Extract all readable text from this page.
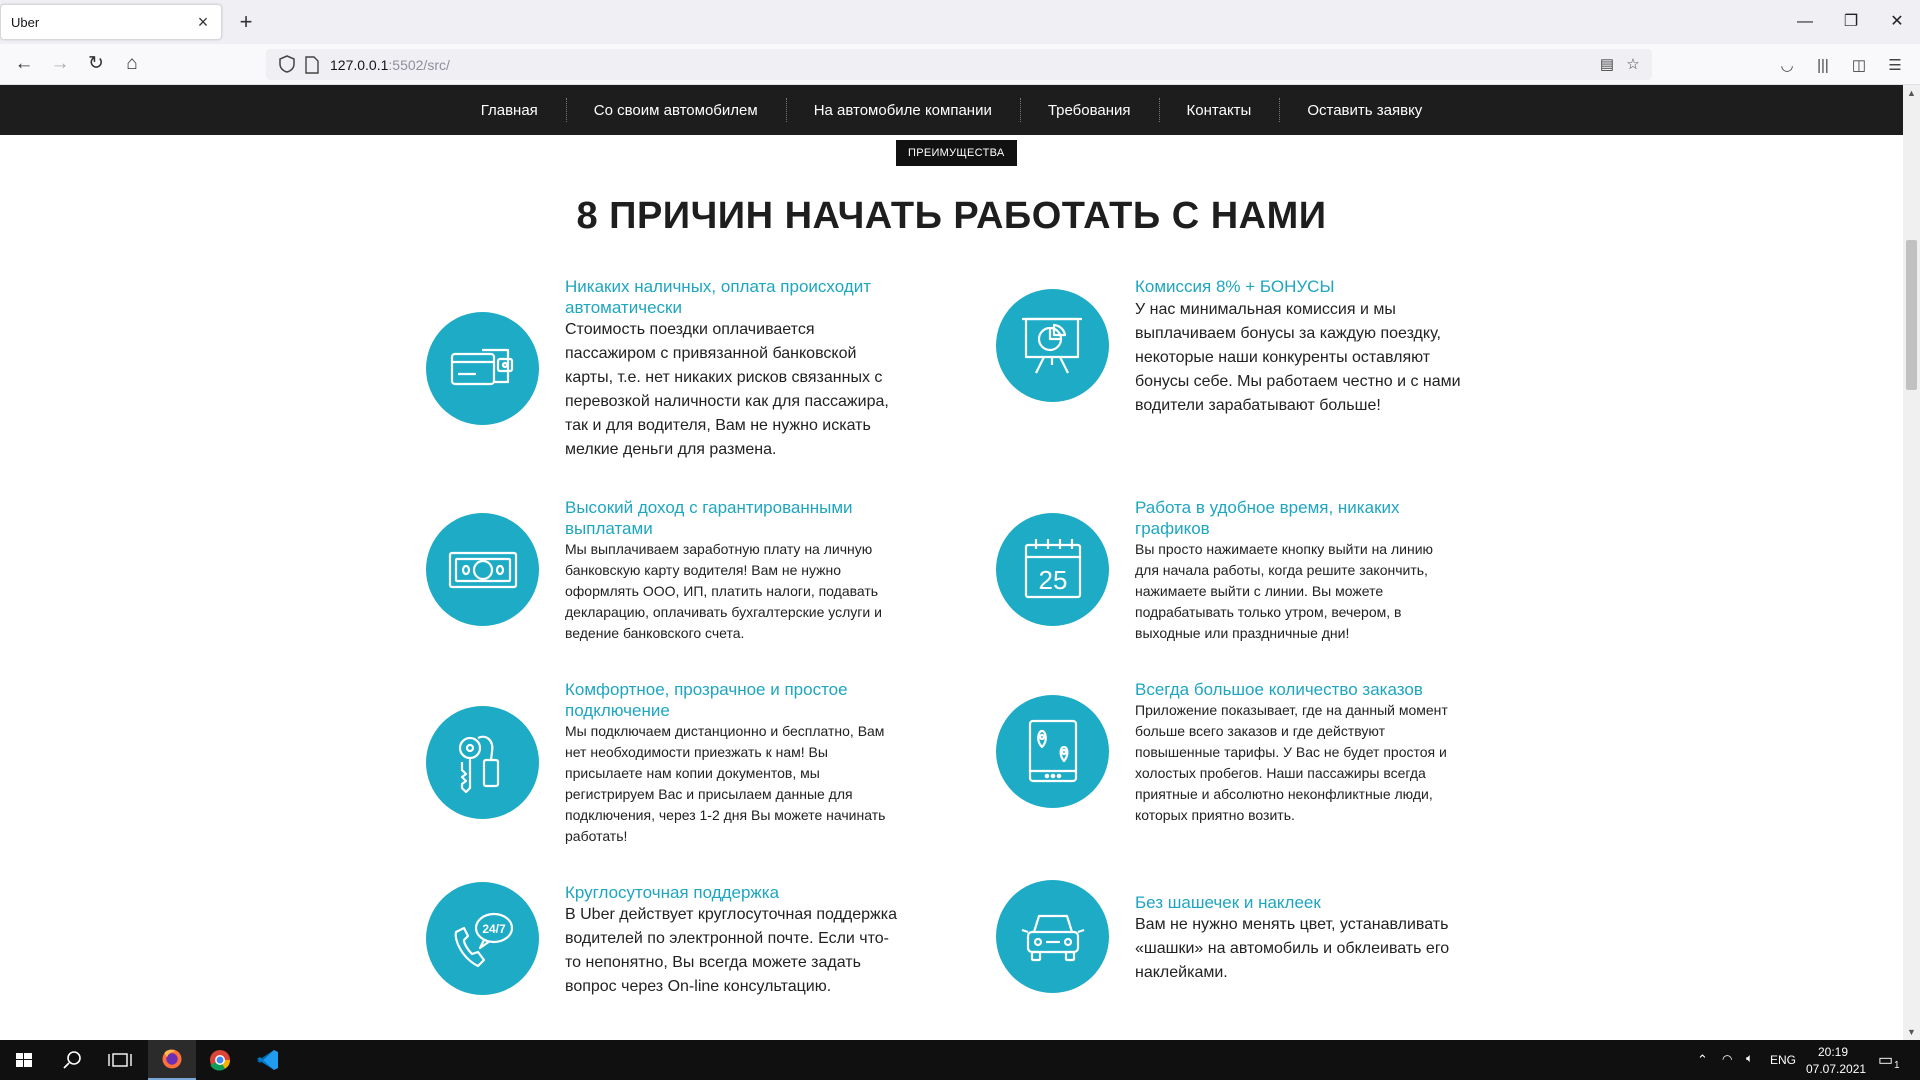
Uber	× +	—	❐	✕
← → ↻	⌂	127.0.0.1:5502/src/	▤ ☆	◡	|||	◫ ☰
Главная	Со своим автомобилем	На автомобиле компании	Требования	Контакты	Оставить заявку
ПРЕИМУЩЕСТВА
8 ПРИЧИН НАЧАТЬ РАБОТАТЬ С НАМИ
Никаких наличных, оплата происходит
автоматически
Стоимость поездки оплачивается
пассажиром с привязанной банковской
карты, т.е. нет никаких рисков связанных с
перевозкой наличности как для пассажира,
так и для водителя, Вам не нужно искать
мелкие деньги для размена.
Комиссия 8% + БОНУСЫ
У нас минимальная комиссия и мы
выплачиваем бонусы за каждую поездку,
некоторые наши конкуренты оставляют
бонусы себе. Мы работаем честно и с нами
водители зарабатывают больше!
Высокий доход с гарантированными
выплатами
Мы выплачиваем заработную плату на личную
банковскую карту водителя! Вам не нужно
оформлять ООО, ИП, платить налоги, подавать
декларацию, оплачивать бухгалтерские услуги и
ведение банковского счета.
25
Работа в удобное время, никаких
графиков
Вы просто нажимаете кнопку выйти на линию
для начала работы, когда решите закончить,
нажимаете выйти с линии. Вы можете
подрабатывать только утром, вечером, в
выходные или праздничные дни!
Комфортное, прозрачное и простое
подключение
Мы подключаем дистанционно и бесплатно, Вам
нет необходимости приезжать к нам! Вы
присылаете нам копии документов, мы
регистрируем Вас и присылаем данные для
подключения, через 1-2 дня Вы можете начинать
работать!
Всегда большое количество заказов
Приложение показывает, где на данный момент
больше всего заказов и где действуют
повышенные тарифы. У Вас не будет простоя и
холостых пробегов. Наши пассажиры всегда
приятные и абсолютно неконфликтные люди,
которых приятно возить.
24/7
Круглосуточная поддержка
В Uber действует круглосуточная поддержка
водителей по электронной почте. Если что-
то непонятно, Вы всегда можете задать
вопрос через On-line консультацию.
Без шашечек и наклеек
Вам не нужно менять цвет, устанавливать
«шашки» на автомобиль и обклеивать его
наклейками.
▲
▼
⌃ ◠ 🔈︎ ENG
20:19
07.07.2021 ▭ 1
